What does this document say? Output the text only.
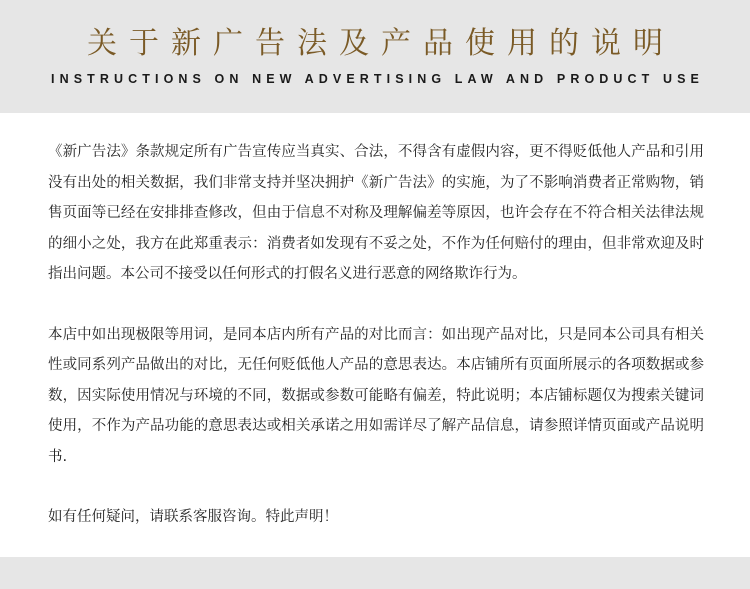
关于新广告法及产品使用的说明
INSTRUCTIONS ON NEW ADVERTISING LAW AND PRODUCT USE

《新广告法》条款规定所有广告宣传应当真实、合法，不得含有虚假内容，更不得贬低他人产品和引用没有出处的相关数据，我们非常支持并坚决拥护《新广告法》的实施，为了不影响消费者正常购物，销售页面等已经在安排排查修改，但由于信息不对称及理解偏差等原因，也许会存在不符合相关法律法规的细小之处，我方在此郑重表示：消费者如发现有不妥之处，不作为任何赔付的理由，但非常欢迎及时指出问题。本公司不接受以任何形式的打假名义进行恶意的网络欺诈行为。

本店中如出现极限等用词，是同本店内所有产品的对比而言：如出现产品对比，只是同本公司具有相关性或同系列产品做出的对比，无任何贬低他人产品的意思表达。本店铺所有页面所展示的各项数据或参数，因实际使用情况与环境的不同，数据或参数可能略有偏差，特此说明；本店铺标题仅为搜索关键词使用，不作为产品功能的意思表达或相关承诺之用如需详尽了解产品信息，请参照详情页面或产品说明书.

如有任何疑问，请联系客服咨询。特此声明！
